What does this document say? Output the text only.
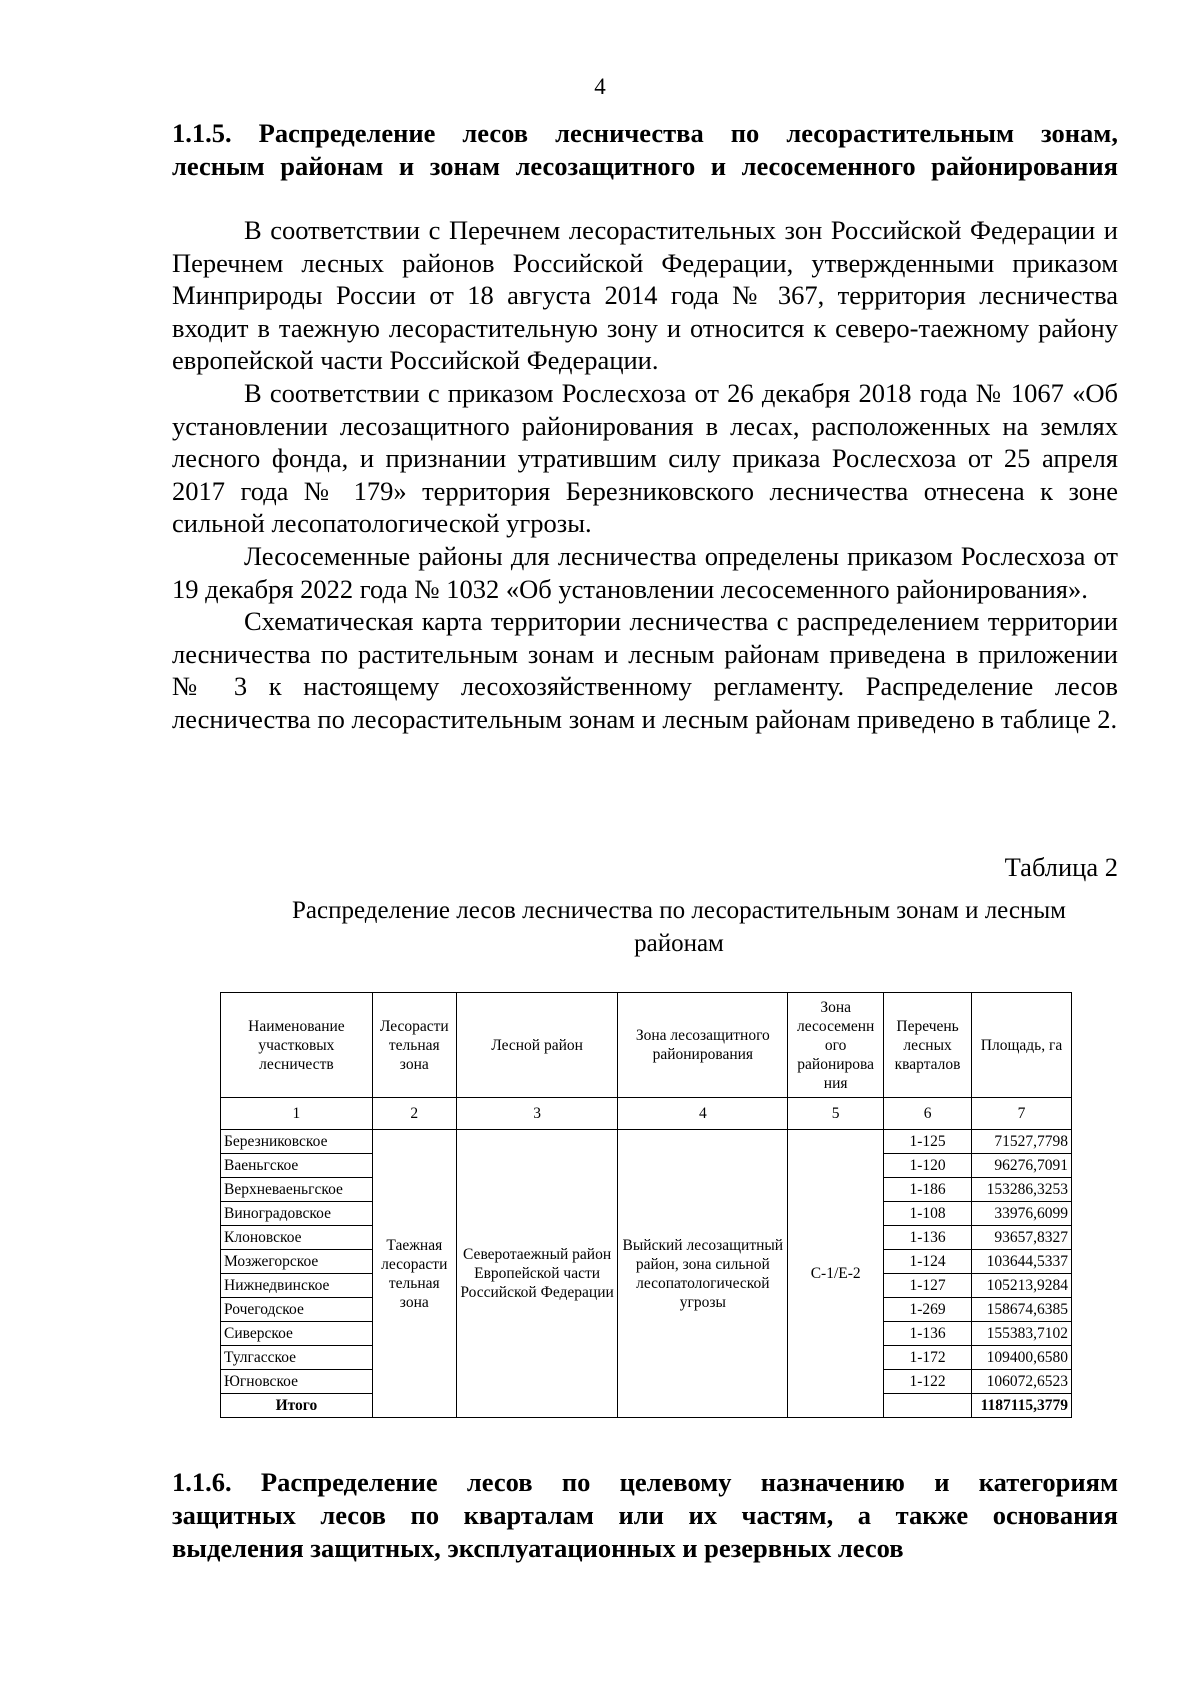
4
1.1.5. Распределение лесов лесничества по лесорастительным зонам,
лесным районам и зонам лесозащитного и лесосеменного районирования

В соответствии с Перечнем лесорастительных зон Российской Федерации и Перечнем лесных районов Российской Федерации, утвержденными приказом Минприроды России от 18 августа 2014 года № 367, территория лесничества входит в таежную лесорастительную зону и относится к северо-таежному району европейской части Российской Федерации.

В соответствии с приказом Рослесхоза от 26 декабря 2018 года № 1067 «Об установлении лесозащитного районирования в лесах, расположенных на землях лесного фонда, и признании утратившим силу приказа Рослесхоза от 25 апреля 2017 года № 179» территория Березниковского лесничества отнесена к зоне сильной лесопатологической угрозы.

Лесосеменные районы для лесничества определены приказом Рослесхоза от 19 декабря 2022 года № 1032 «Об установлении лесосеменного районирования».

Схематическая карта территории лесничества с распределением территории лесничества по растительным зонам и лесным районам приведена в приложении № 3 к настоящему лесохозяйственному регламенту. Распределение лесов лесничества по лесорастительным зонам и лесным районам приведено в таблице 2.

Таблица 2
Распределение лесов лесничества по лесорастительным зонам и лесным
районам
Наименование участковых лесничеств	Лесорасти тельная зона	Лесной район	Зона лесозащитного районирования	Зона лесосеменн ого районирова ния	Перечень лесных кварталов	Площадь, га
1	2	3	4	5	6	7
Березниковское	Таежная лесорасти тельная зона	Северотаежный район Европейской части Российской Федерации	Выйский лесозащитный район, зона сильной лесопатологической угрозы	С-1/Е-2	1-125	71527,7798
Ваеньгское					1-120	96276,7091
Верхневаеньгское					1-186	153286,3253
Виноградовское					1-108	33976,6099
Клоновское					1-136	93657,8327
Мозжегорское					1-124	103644,5337
Нижнедвинское					1-127	105213,9284
Рочегодское					1-269	158674,6385
Сиверское					1-136	155383,7102
Тулгасское					1-172	109400,6580
Югновское					1-122	106072,6523
Итого						1187115,3779
1.1.6. Распределение лесов по целевому назначению и категориям
защитных лесов по кварталам или их частям, а также основания
выделения защитных, эксплуатационных и резервных лесов
